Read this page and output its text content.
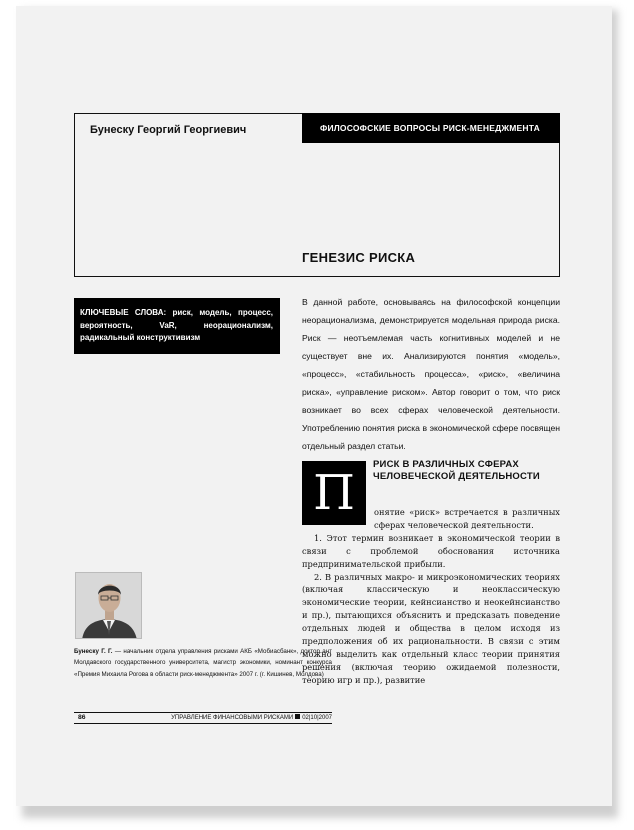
Бунеску Георгий Георгиевич	ФИЛОСОФСКИЕ ВОПРОСЫ РИСК-МЕНЕДЖМЕНТА
ГЕНЕЗИС РИСКА
КЛЮЧЕВЫЕ СЛОВА: риск, модель, процесс, вероятность, VaR, неорационализм, радикальный конструктивизм
В данной работе, основываясь на философской концепции неорационализма, демонстрируется модельная природа риска. Риск — неотъемлемая часть когнитивных моделей и не существует вне их. Анализируются понятия «модель», «процесс», «стабильность процесса», «риск», «величина риска», «управление риском». Автор говорит о том, что риск возникает во всех сферах человеческой деятельности. Употреблению понятия риска в экономической сфере посвящен отдельный раздел статьи.
П
РИСК В РАЗЛИЧНЫХ СФЕРАХ ЧЕЛОВЕЧЕСКОЙ ДЕЯТЕЛЬНОСТИ
онятие «риск» встречается в различных сферах человеческой деятельности.
1. Этот термин возникает в экономической теории в связи с проблемой обоснования источника предпринимательской прибыли.
2. В различных макро- и микроэкономических теориях (включая классическую и неоклассическую экономические теории, кейнсианство и неокейнсианство и пр.), пытающихся объяснить и предсказать поведение отдельных людей и общества в целом исходя из предположения об их рациональности. В связи с этим можно выделить как отдельный класс теории принятия решения (включая теорию ожидаемой полезности, теорию игр и пр.), развитие
Бунеску Г. Г. — начальник отдела управления рисками АКБ «Мобиасбанк», доктор ант Молдавского государственного университета, магистр экономики, номинант конкурса «Премия Михаила Рогова в области риск-менеджмента» 2007 г. (г. Кишинев, Молдова)
86	УПРАВЛЕНИЕ ФИНАНСОВЫМИ РИСКАМИ 02|10|2007
